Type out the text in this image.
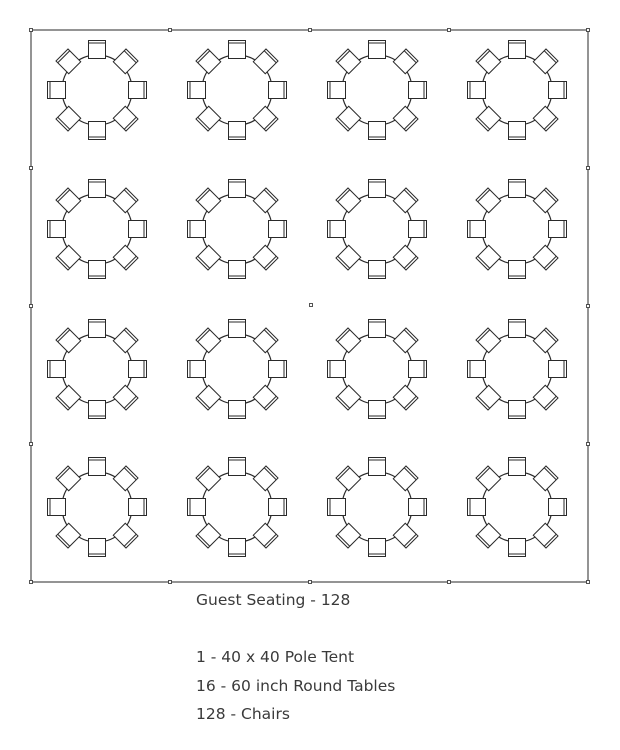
Guest Seating - 128
1 - 40 x 40 Pole Tent
16 - 60 inch Round Tables
128 - Chairs
